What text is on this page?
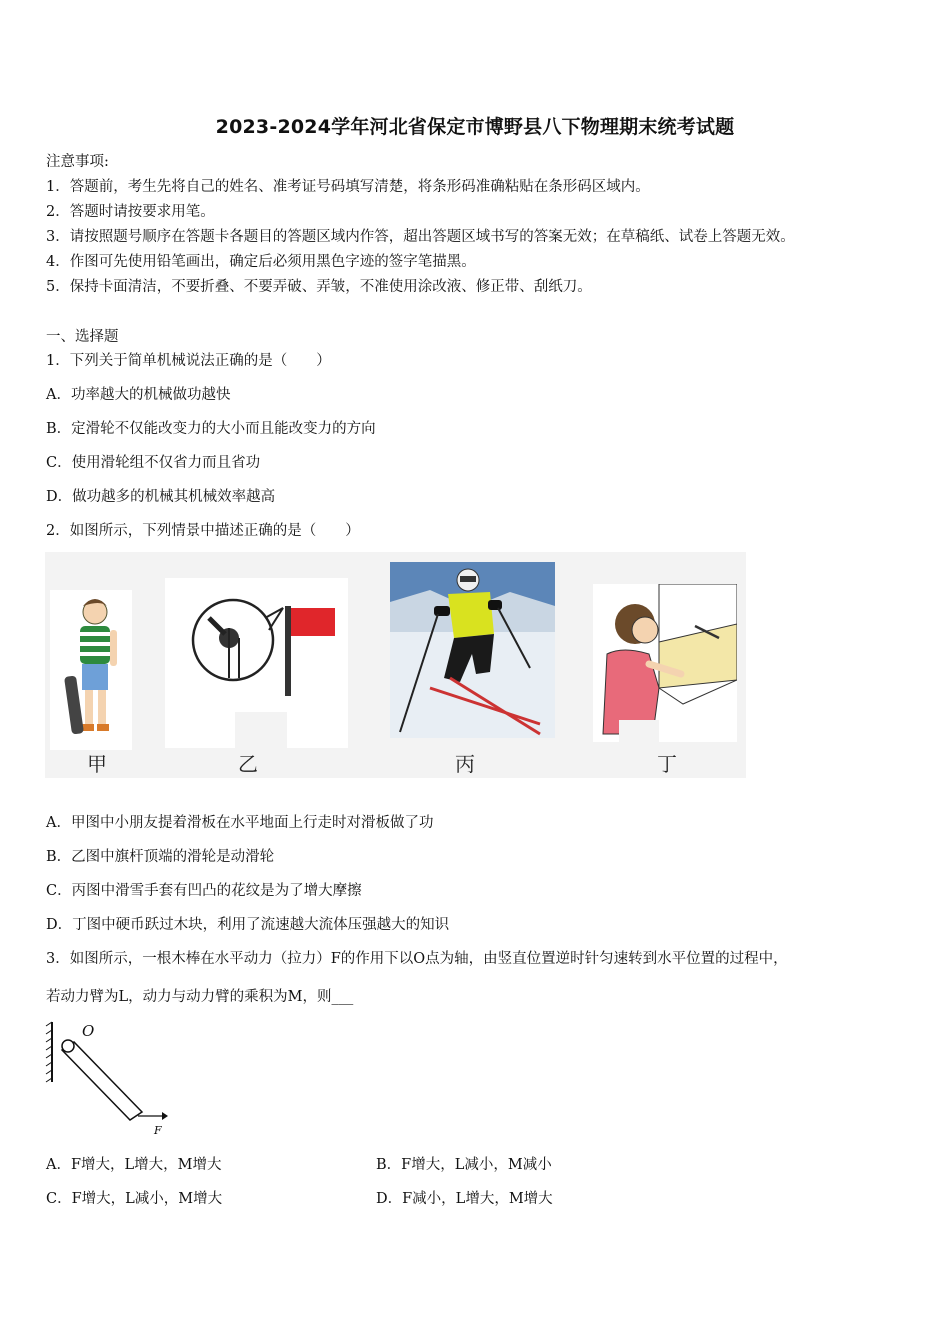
2023-2024学年河北省保定市博野县八下物理期末统考试题
注意事项:
1．答题前，考生先将自己的姓名、准考证号码填写清楚，将条形码准确粘贴在条形码区域内。
2．答题时请按要求用笔。
3．请按照题号顺序在答题卡各题目的答题区域内作答，超出答题区域书写的答案无效；在草稿纸、试卷上答题无效。
4．作图可先使用铅笔画出，确定后必须用黑色字迹的签字笔描黑。
5．保持卡面清洁，不要折叠、不要弄破、弄皱，不准使用涂改液、修正带、刮纸刀。
一、选择题
1．下列关于简单机械说法正确的是（　　）
A．功率越大的机械做功越快
B．定滑轮不仅能改变力的大小而且能改变力的方向
C．使用滑轮组不仅省力而且省功
D．做功越多的机械其机械效率越高
2．如图所示，下列情景中描述正确的是（　　）
甲	乙	丙	丁
A．甲图中小朋友提着滑板在水平地面上行走时对滑板做了功
B．乙图中旗杆顶端的滑轮是动滑轮
C．丙图中滑雪手套有凹凸的花纹是为了增大摩擦
D．丁图中硬币跃过木块，利用了流速越大流体压强越大的知识
3．如图所示，一根木棒在水平动力（拉力）F的作用下以O点为轴，由竖直位置逆时针匀速转到水平位置的过程中，
若动力臂为L，动力与动力臂的乘积为M，则___
O
F
A．F增大，L增大，M增大	B．F增大，L减小，M减小
C．F增大，L减小，M增大	D．F减小，L增大，M增大
